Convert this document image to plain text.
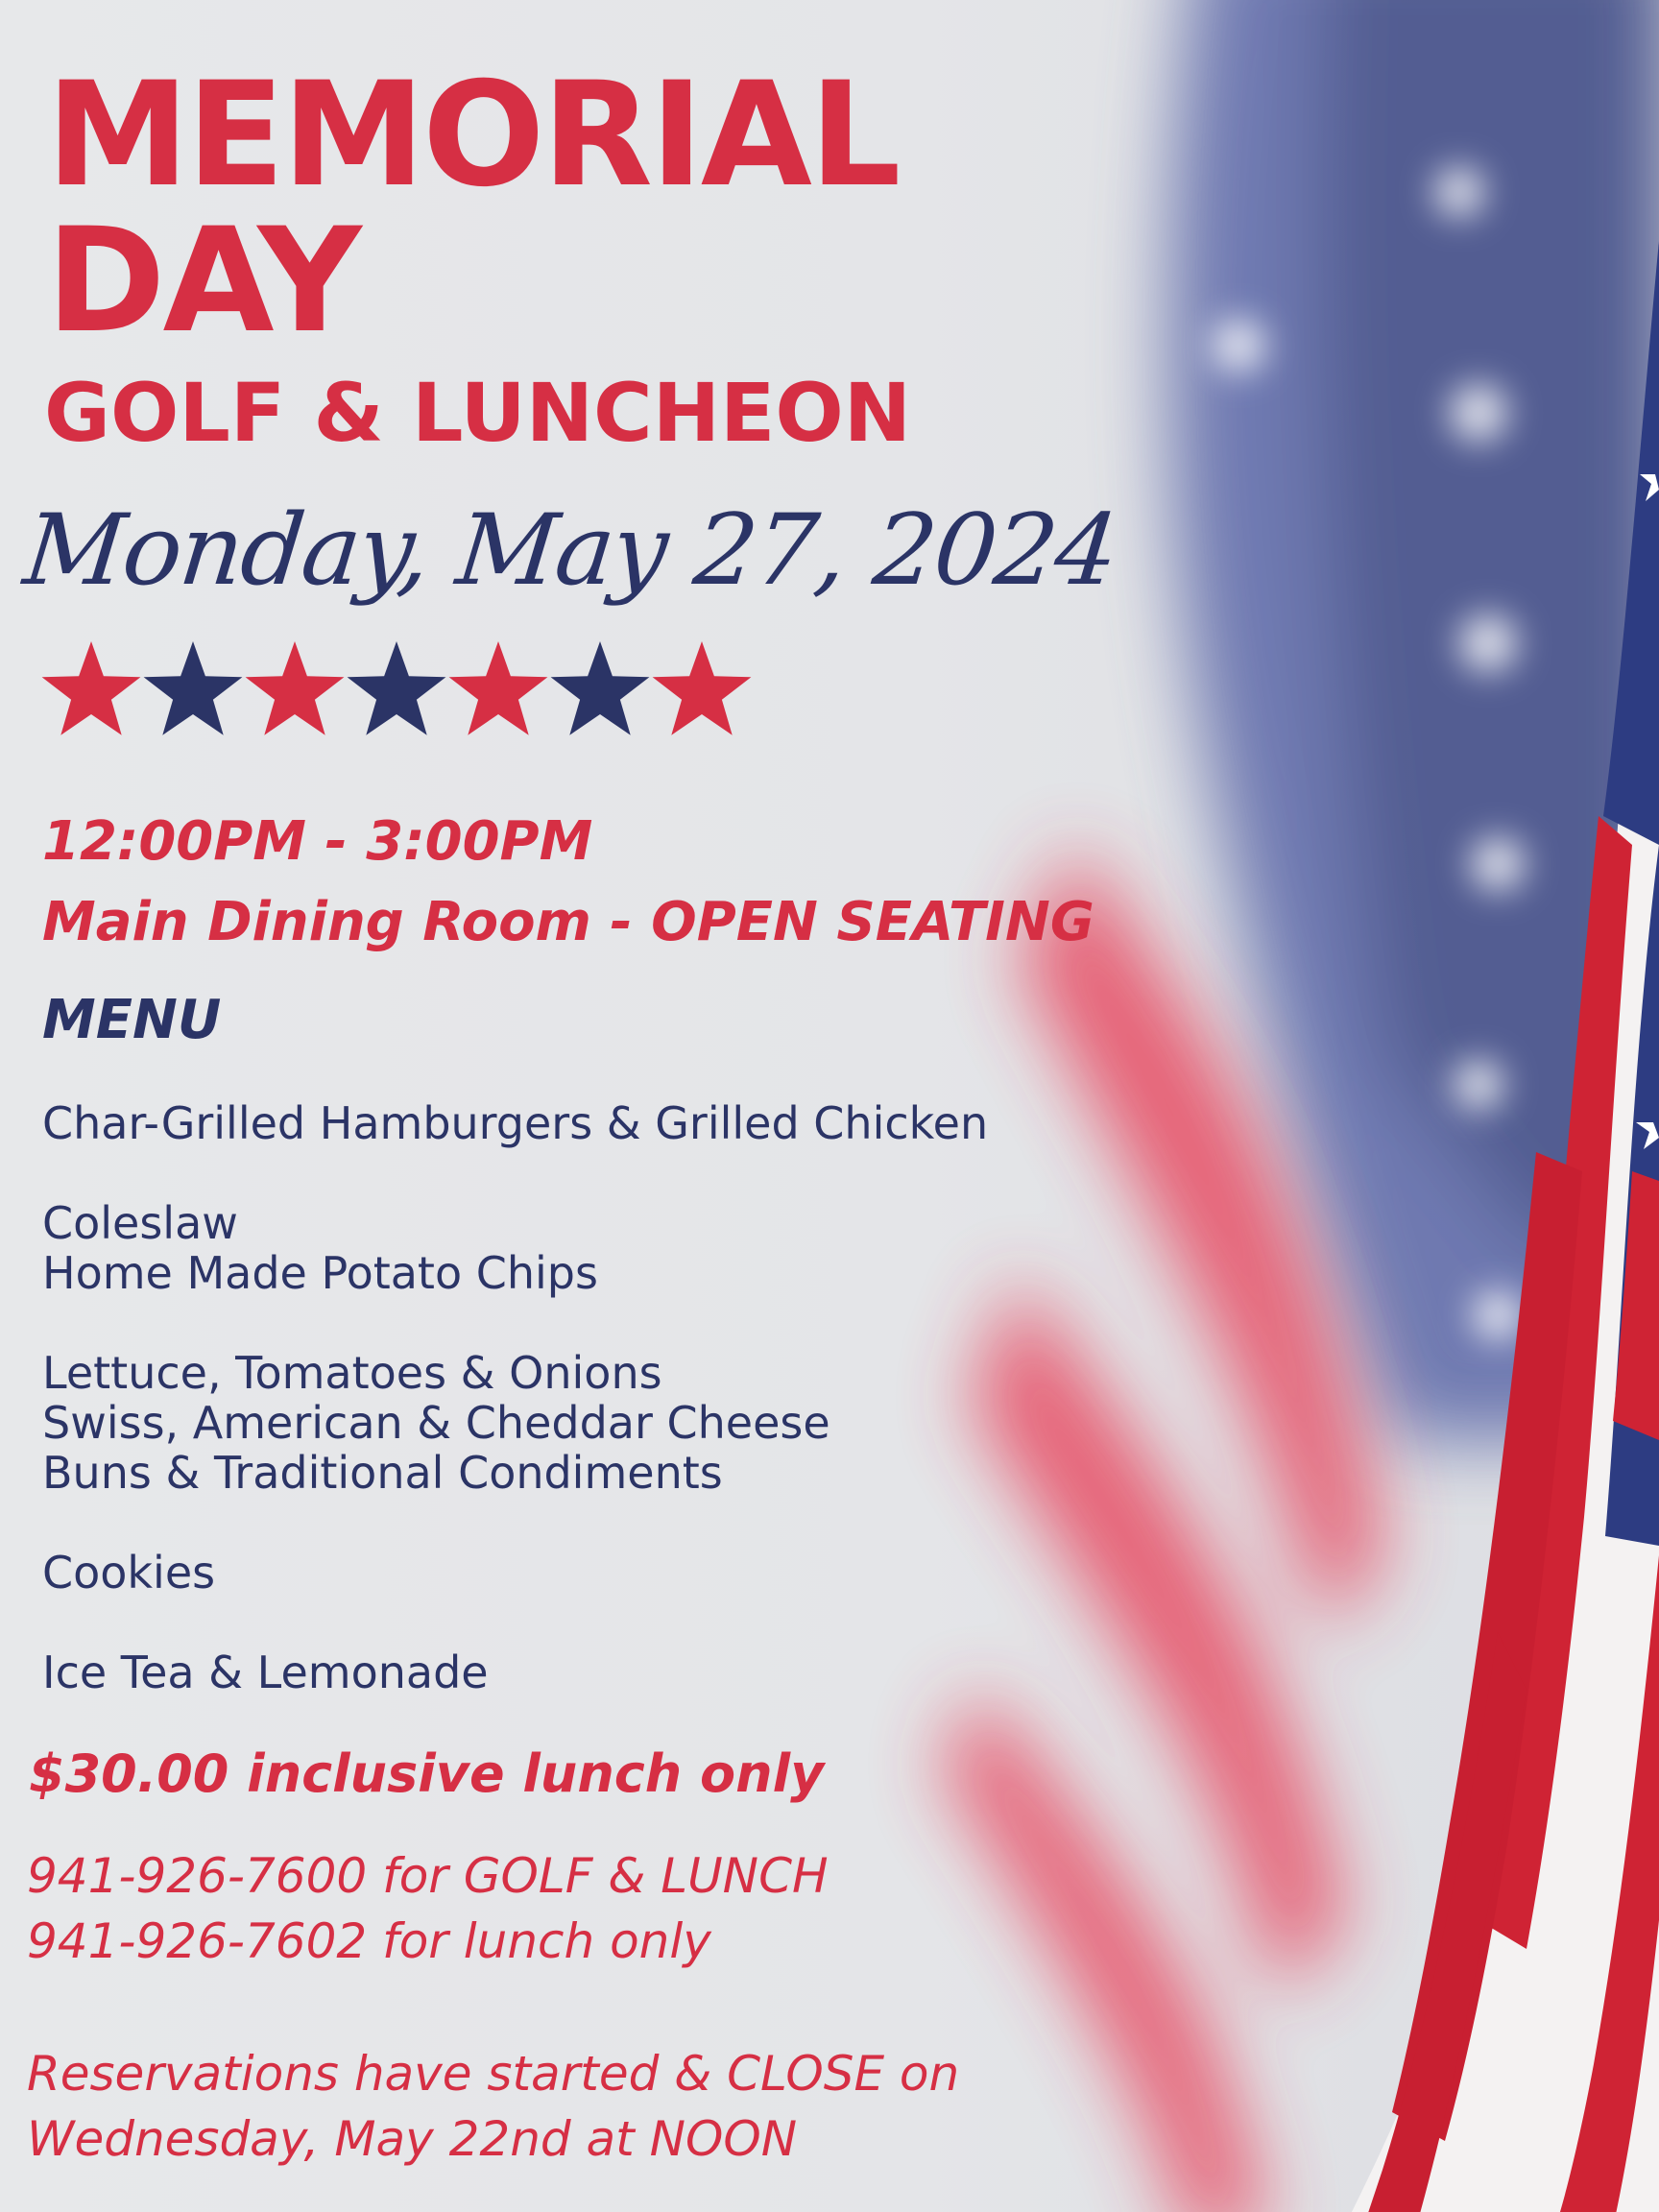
MEMORIAL
DAY
GOLF & LUNCHEON
Monday, May 27, 2024

12:00PM - 3:00PM

Main Dining Room - OPEN SEATING

MENU

Char-Grilled Hamburgers & Grilled Chicken
Coleslaw
Home Made Potato Chips
Lettuce, Tomatoes & Onions
Swiss, American & Cheddar Cheese
Buns & Traditional Condiments
Cookies
Ice Tea & Lemonade

$30.00 inclusive lunch only

941-926-7600 for GOLF & LUNCH
941-926-7602 for lunch only

Reservations have started & CLOSE on
Wednesday, May 22nd at NOON
